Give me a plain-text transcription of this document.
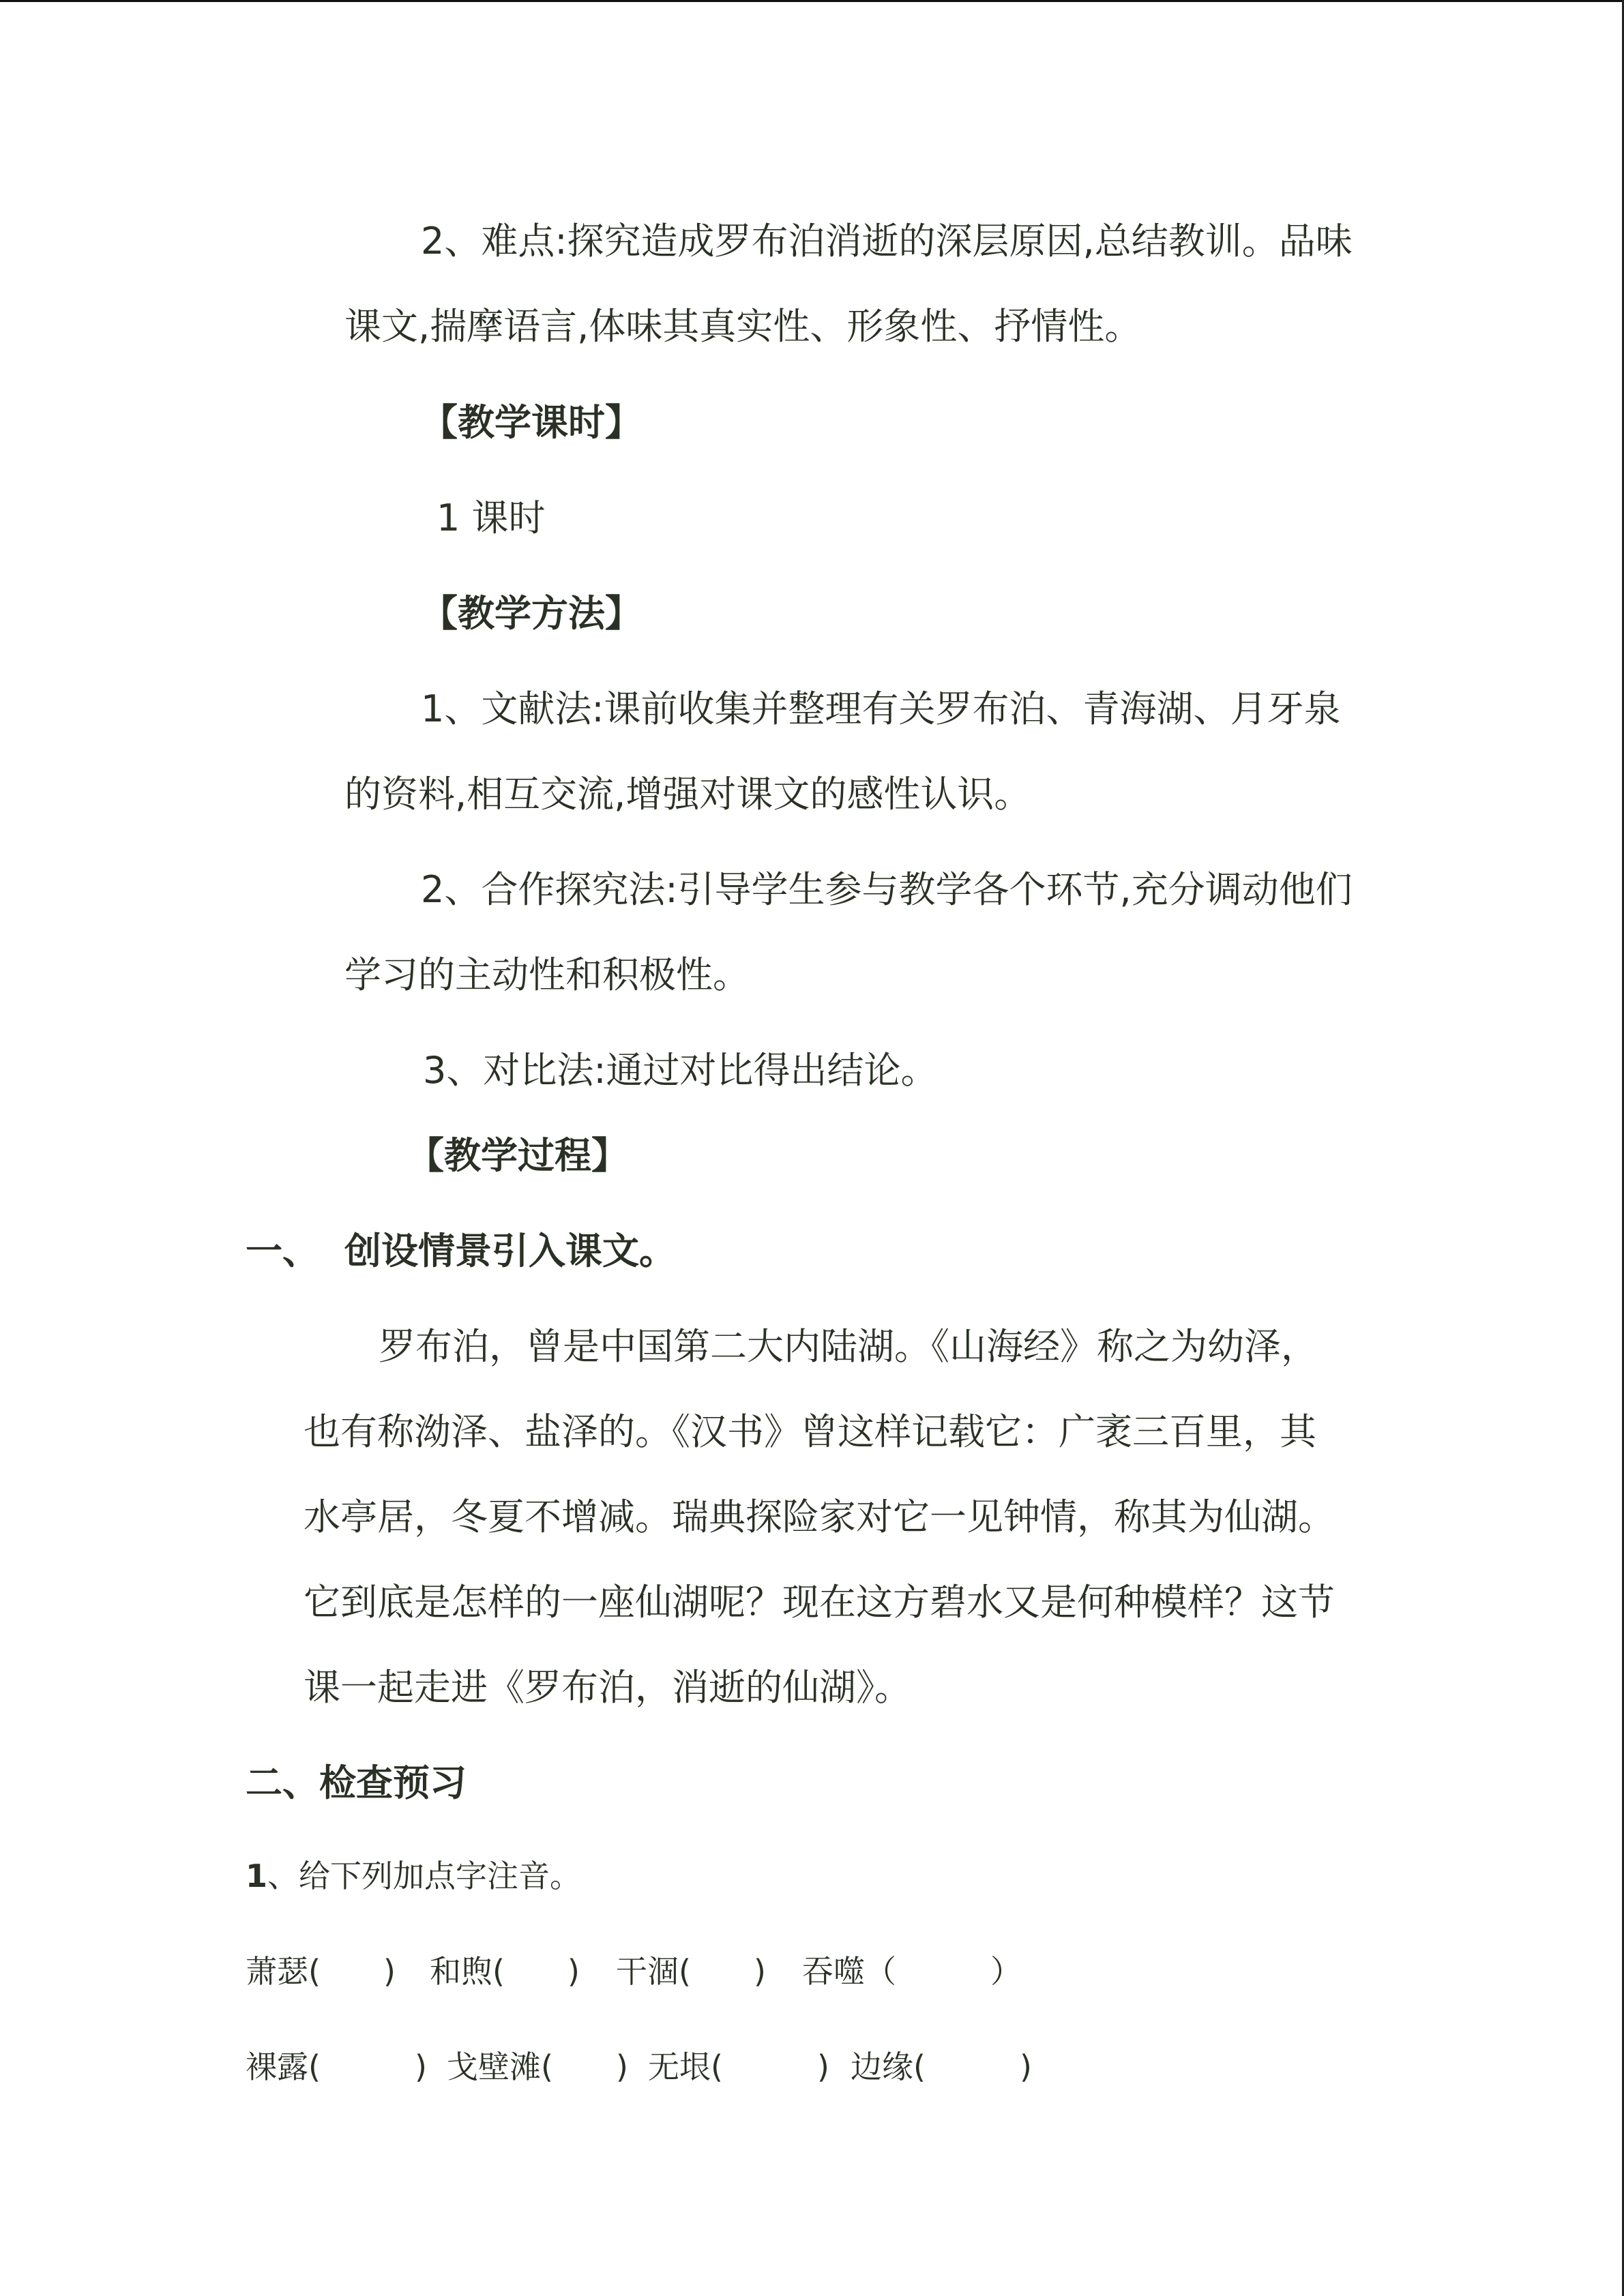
2、难点:探究造成罗布泊消逝的深层原因,总结教训。品味
课文,揣摩语言,体味其真实性、形象性、抒情性。
【教学课时】
1 课时
【教学方法】
1、文献法:课前收集并整理有关罗布泊、青海湖、月牙泉
的资料,相互交流,增强对课文的感性认识。
2、合作探究法:引导学生参与教学各个环节,充分调动他们
学习的主动性和积极性。
3、对比法:通过对比得出结论。
【教学过程】
一、 创设情景引入课文。
罗布泊，曾是中国第二大内陆湖。《山海经》称之为幼泽，
也有称泑泽、盐泽的。《汉书》曾这样记载它：广袤三百里，其
水亭居，冬夏不增减。瑞典探险家对它一见钟情，称其为仙湖。
它到底是怎样的一座仙湖呢？现在这方碧水又是何种模样？这节
课一起走进《罗布泊，消逝的仙湖》。
二、检查预习
1、给下列加点字注音。
萧瑟(　　) 和煦(　　) 干涸(　　) 吞噬（　　　）
裸露(　　　) 戈壁滩(　　) 无垠(　　　) 边缘(　　　)
